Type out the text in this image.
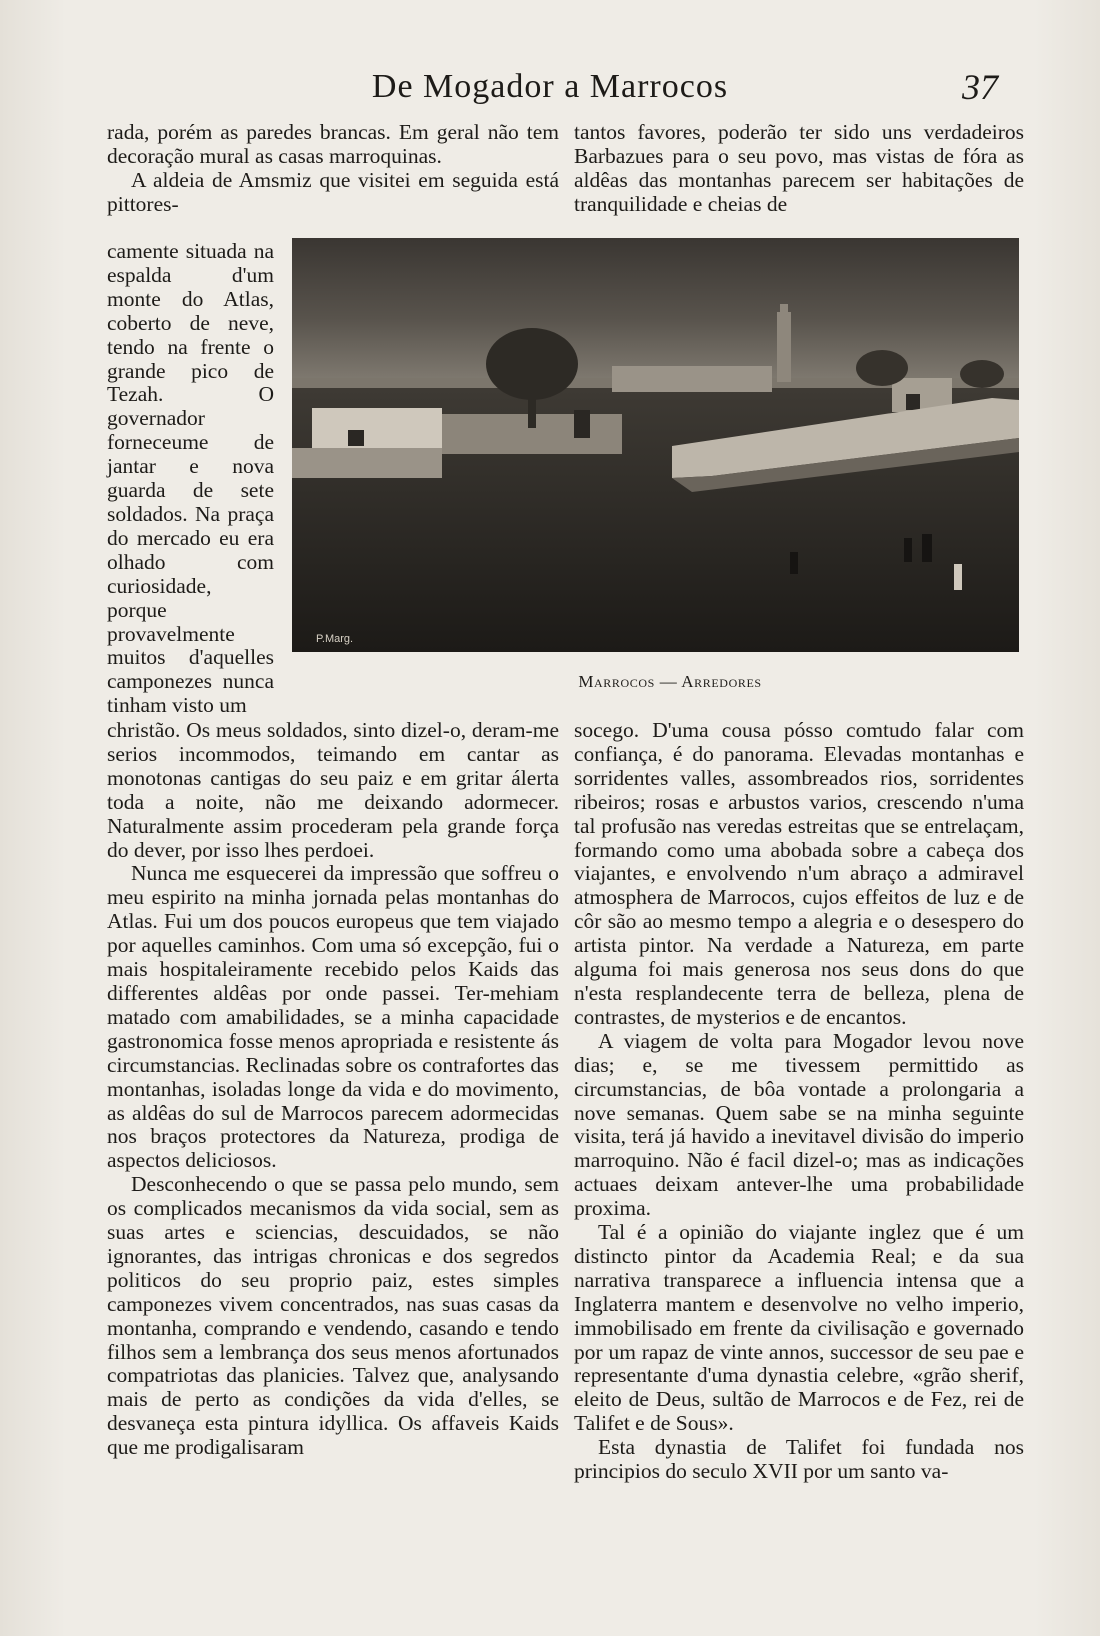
De Mogador a Marrocos	37

rada, porém as paredes brancas. Em geral não tem decoração mural as casas marroquinas.

A aldeia de Amsmiz que visitei em seguida está pittores-

camente situada na espalda d'um monte do Atlas, coberto de neve, tendo na frente o grande pico de Tezah. O governador forneceume de jantar e nova guarda de sete soldados. Na praça do mercado eu era olhado com curiosidade, porque provavelmente muitos d'aquelles camponezes nunca tinham visto um

P.Marg.
Marrocos — Arredores

christão. Os meus soldados, sinto dizel-o, deram-me serios incommodos, teimando em cantar as monotonas cantigas do seu paiz e em gritar álerta toda a noite, não me deixando adormecer. Naturalmente assim procederam pela grande força do dever, por isso lhes perdoei.

Nunca me esquecerei da impressão que soffreu o meu espirito na minha jornada pelas montanhas do Atlas. Fui um dos poucos europeus que tem viajado por aquelles caminhos. Com uma só excepção, fui o mais hospitaleiramente recebido pelos Kaids das differentes aldêas por onde passei. Ter-mehiam matado com amabilidades, se a minha capacidade gastronomica fosse menos apropriada e resistente ás circumstancias. Reclinadas sobre os contrafortes das montanhas, isoladas longe da vida e do movimento, as aldêas do sul de Marrocos parecem adormecidas nos braços protectores da Natureza, prodiga de aspectos deliciosos.

Desconhecendo o que se passa pelo mundo, sem os complicados mecanismos da vida social, sem as suas artes e sciencias, descuidados, se não ignorantes, das intrigas chronicas e dos segredos politicos do seu proprio paiz, estes simples camponezes vivem concentrados, nas suas casas da montanha, comprando e vendendo, casando e tendo filhos sem a lembrança dos seus menos afortunados compatriotas das planicies. Talvez que, analysando mais de perto as condições da vida d'elles, se desvaneça esta pintura idyllica. Os affaveis Kaids que me prodigalisaram

tantos favores, poderão ter sido uns verdadeiros Barbazues para o seu povo, mas vistas de fóra as aldêas das montanhas parecem ser habitações de tranquilidade e cheias de

socego. D'uma cousa pósso comtudo falar com confiança, é do panorama. Elevadas montanhas e sorridentes valles, assombreados rios, sorridentes ribeiros; rosas e arbustos varios, crescendo n'uma tal profusão nas veredas estreitas que se entrelaçam, formando como uma abobada sobre a cabeça dos viajantes, e envolvendo n'um abraço a admiravel atmosphera de Marrocos, cujos effeitos de luz e de côr são ao mesmo tempo a alegria e o desespero do artista pintor. Na verdade a Natureza, em parte alguma foi mais generosa nos seus dons do que n'esta resplandecente terra de belleza, plena de contrastes, de mysterios e de encantos.

A viagem de volta para Mogador levou nove dias; e, se me tivessem permittido as circumstancias, de bôa vontade a prolongaria a nove semanas. Quem sabe se na minha seguinte visita, terá já havido a inevitavel divisão do imperio marroquino. Não é facil dizel-o; mas as indicações actuaes deixam antever-lhe uma probabilidade proxima.

Tal é a opinião do viajante inglez que é um distincto pintor da Academia Real; e da sua narrativa transparece a influencia intensa que a Inglaterra mantem e desenvolve no velho imperio, immobilisado em frente da civilisação e governado por um rapaz de vinte annos, successor de seu pae e representante d'uma dynastia celebre, «grão sherif, eleito de Deus, sultão de Marrocos e de Fez, rei de Talifet e de Sous».

Esta dynastia de Talifet foi fundada nos principios do seculo XVII por um santo va-
